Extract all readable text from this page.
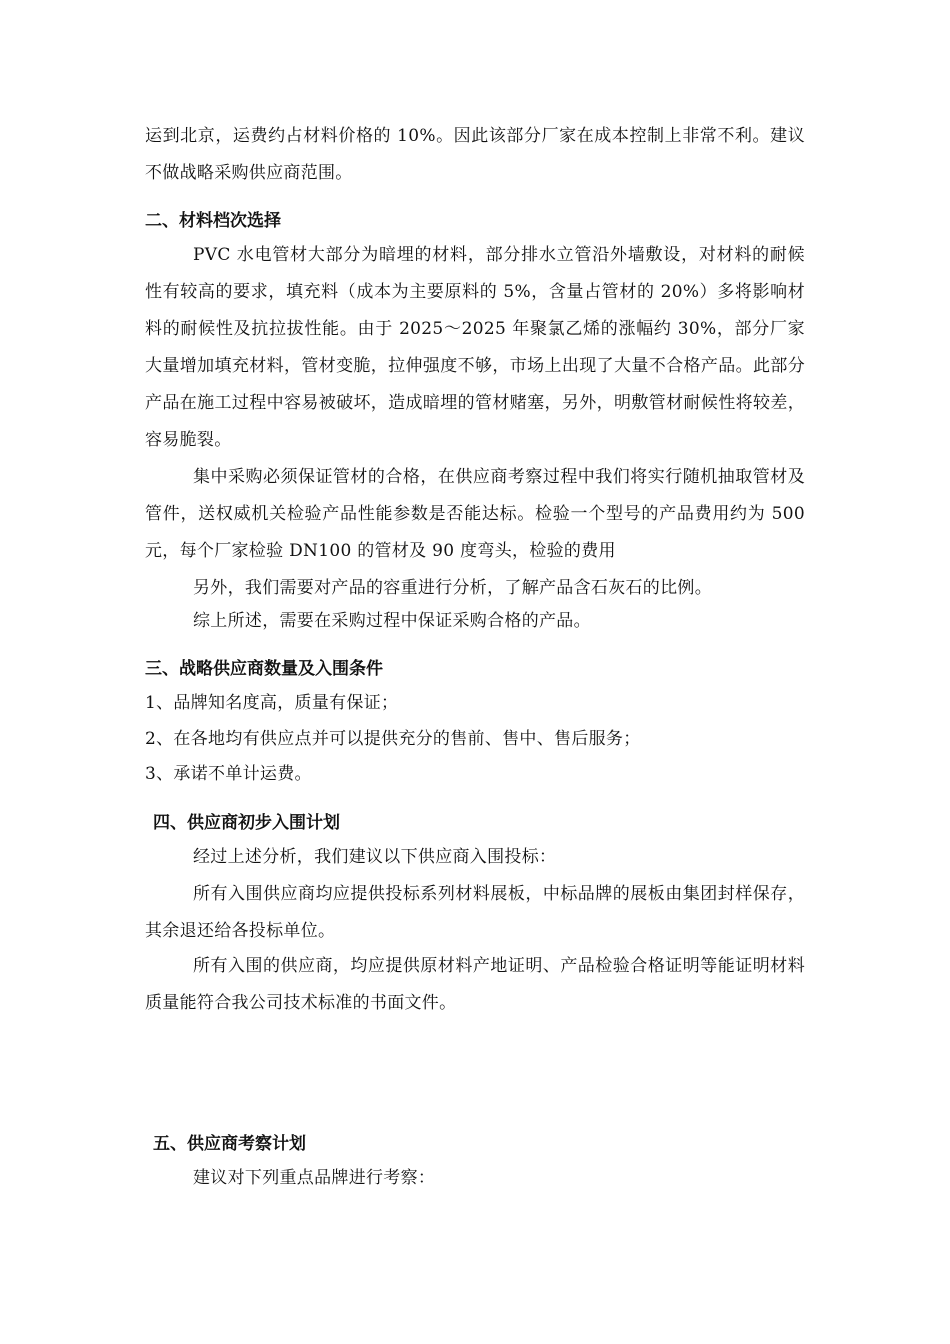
运到北京，运费约占材料价格的 10%。因此该部分厂家在成本控制上非常不利。建议不做战略采购供应商范围。

二、材料档次选择

PVC 水电管材大部分为暗埋的材料，部分排水立管沿外墙敷设，对材料的耐候性有较高的要求，填充料（成本为主要原料的 5%，含量占管材的 20%）多将影响材料的耐候性及抗拉拔性能。由于 2025～2025 年聚氯乙烯的涨幅约 30%，部分厂家大量增加填充材料，管材变脆，拉伸强度不够，市场上出现了大量不合格产品。此部分产品在施工过程中容易被破坏，造成暗埋的管材赌塞，另外，明敷管材耐候性将较差，容易脆裂。

集中采购必须保证管材的合格，在供应商考察过程中我们将实行随机抽取管材及管件，送权威机关检验产品性能参数是否能达标。检验一个型号的产品费用约为 500 元，每个厂家检验 DN100 的管材及 90 度弯头，检验的费用

另外，我们需要对产品的容重进行分析，了解产品含石灰石的比例。

综上所述，需要在采购过程中保证采购合格的产品。

三、战略供应商数量及入围条件

1、品牌知名度高，质量有保证；

2、在各地均有供应点并可以提供充分的售前、售中、售后服务；

3、承诺不单计运费。

四、供应商初步入围计划

经过上述分析，我们建议以下供应商入围投标：

所有入围供应商均应提供投标系列材料展板，中标品牌的展板由集团封样保存，其余退还给各投标单位。

所有入围的供应商，均应提供原材料产地证明、产品检验合格证明等能证明材料质量能符合我公司技术标准的书面文件。

五、供应商考察计划

建议对下列重点品牌进行考察：
